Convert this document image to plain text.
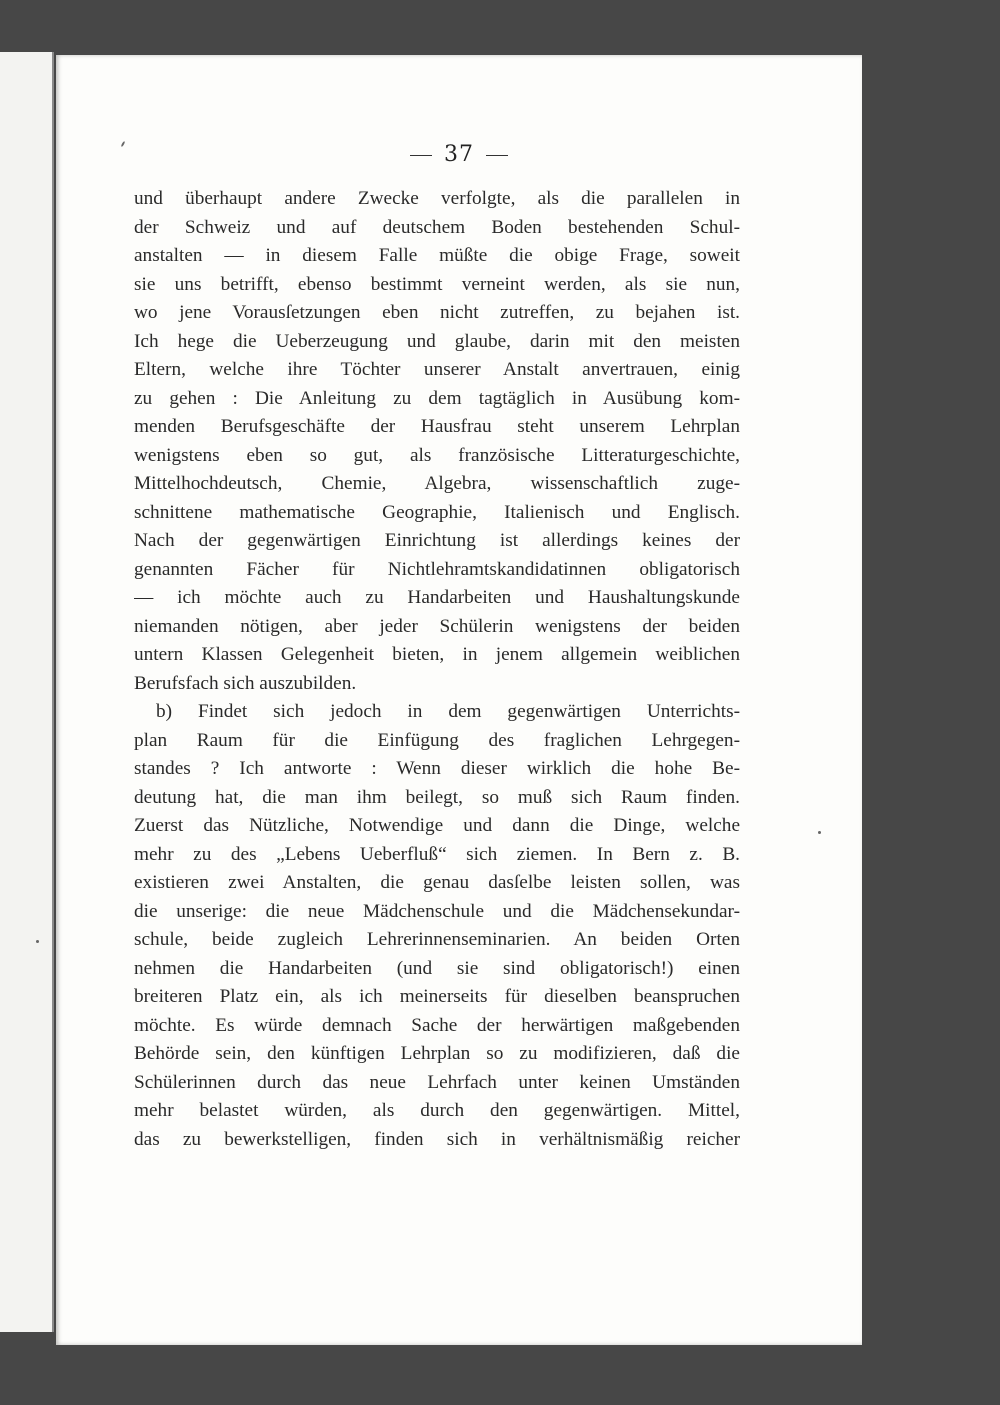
37
und überhaupt andere Zwecke verfolgte, als die parallelen in
der Schweiz und auf deutschem Boden bestehenden Schul-
anstalten — in diesem Falle müßte die obige Frage, soweit
sie uns betrifft, ebenso bestimmt verneint werden, als sie nun,
wo jene Vorausſetzungen eben nicht zutreffen, zu bejahen ist.
Ich hege die Ueberzeugung und glaube, darin mit den meisten
Eltern, welche ihre Töchter unserer Anstalt anvertrauen, einig
zu gehen : Die Anleitung zu dem tagtäglich in Ausübung kom-
menden Berufsgeschäfte der Hausfrau steht unserem Lehrplan
wenigstens eben so gut, als französische Litteraturgeschichte,
Mittelhochdeutsch, Chemie, Algebra, wissenschaftlich zuge-
schnittene mathematische Geographie, Italienisch und Englisch.
Nach der gegenwärtigen Einrichtung ist allerdings keines der
genannten Fächer für Nichtlehramtskandidatinnen obligatorisch
— ich möchte auch zu Handarbeiten und Haushaltungskunde
niemanden nötigen, aber jeder Schülerin wenigstens der beiden
untern Klassen Gelegenheit bieten, in jenem allgemein weiblichen
Berufsfach sich auszubilden.
b) Findet sich jedoch in dem gegenwärtigen Unterrichts-
plan Raum für die Einfügung des fraglichen Lehrgegen-
standes ? Ich antworte : Wenn dieser wirklich die hohe Be-
deutung hat, die man ihm beilegt, so muß sich Raum finden.
Zuerst das Nützliche, Notwendige und dann die Dinge, welche
mehr zu des „Lebens Ueberfluß“ sich ziemen. In Bern z. B.
existieren zwei Anstalten, die genau dasſelbe leisten sollen, was
die unserige: die neue Mädchenschule und die Mädchensekundar-
schule, beide zugleich Lehrerinnenseminarien. An beiden Orten
nehmen die Handarbeiten (und sie sind obligatorisch!) einen
breiteren Platz ein, als ich meinerseits für dieselben beanspruchen
möchte. Es würde demnach Sache der herwärtigen maßgebenden
Behörde sein, den künftigen Lehrplan so zu modifizieren, daß die
Schülerinnen durch das neue Lehrfach unter keinen Umständen
mehr belastet würden, als durch den gegenwärtigen. Mittel,
das zu bewerkstelligen, finden sich in verhältnismäßig reicher
